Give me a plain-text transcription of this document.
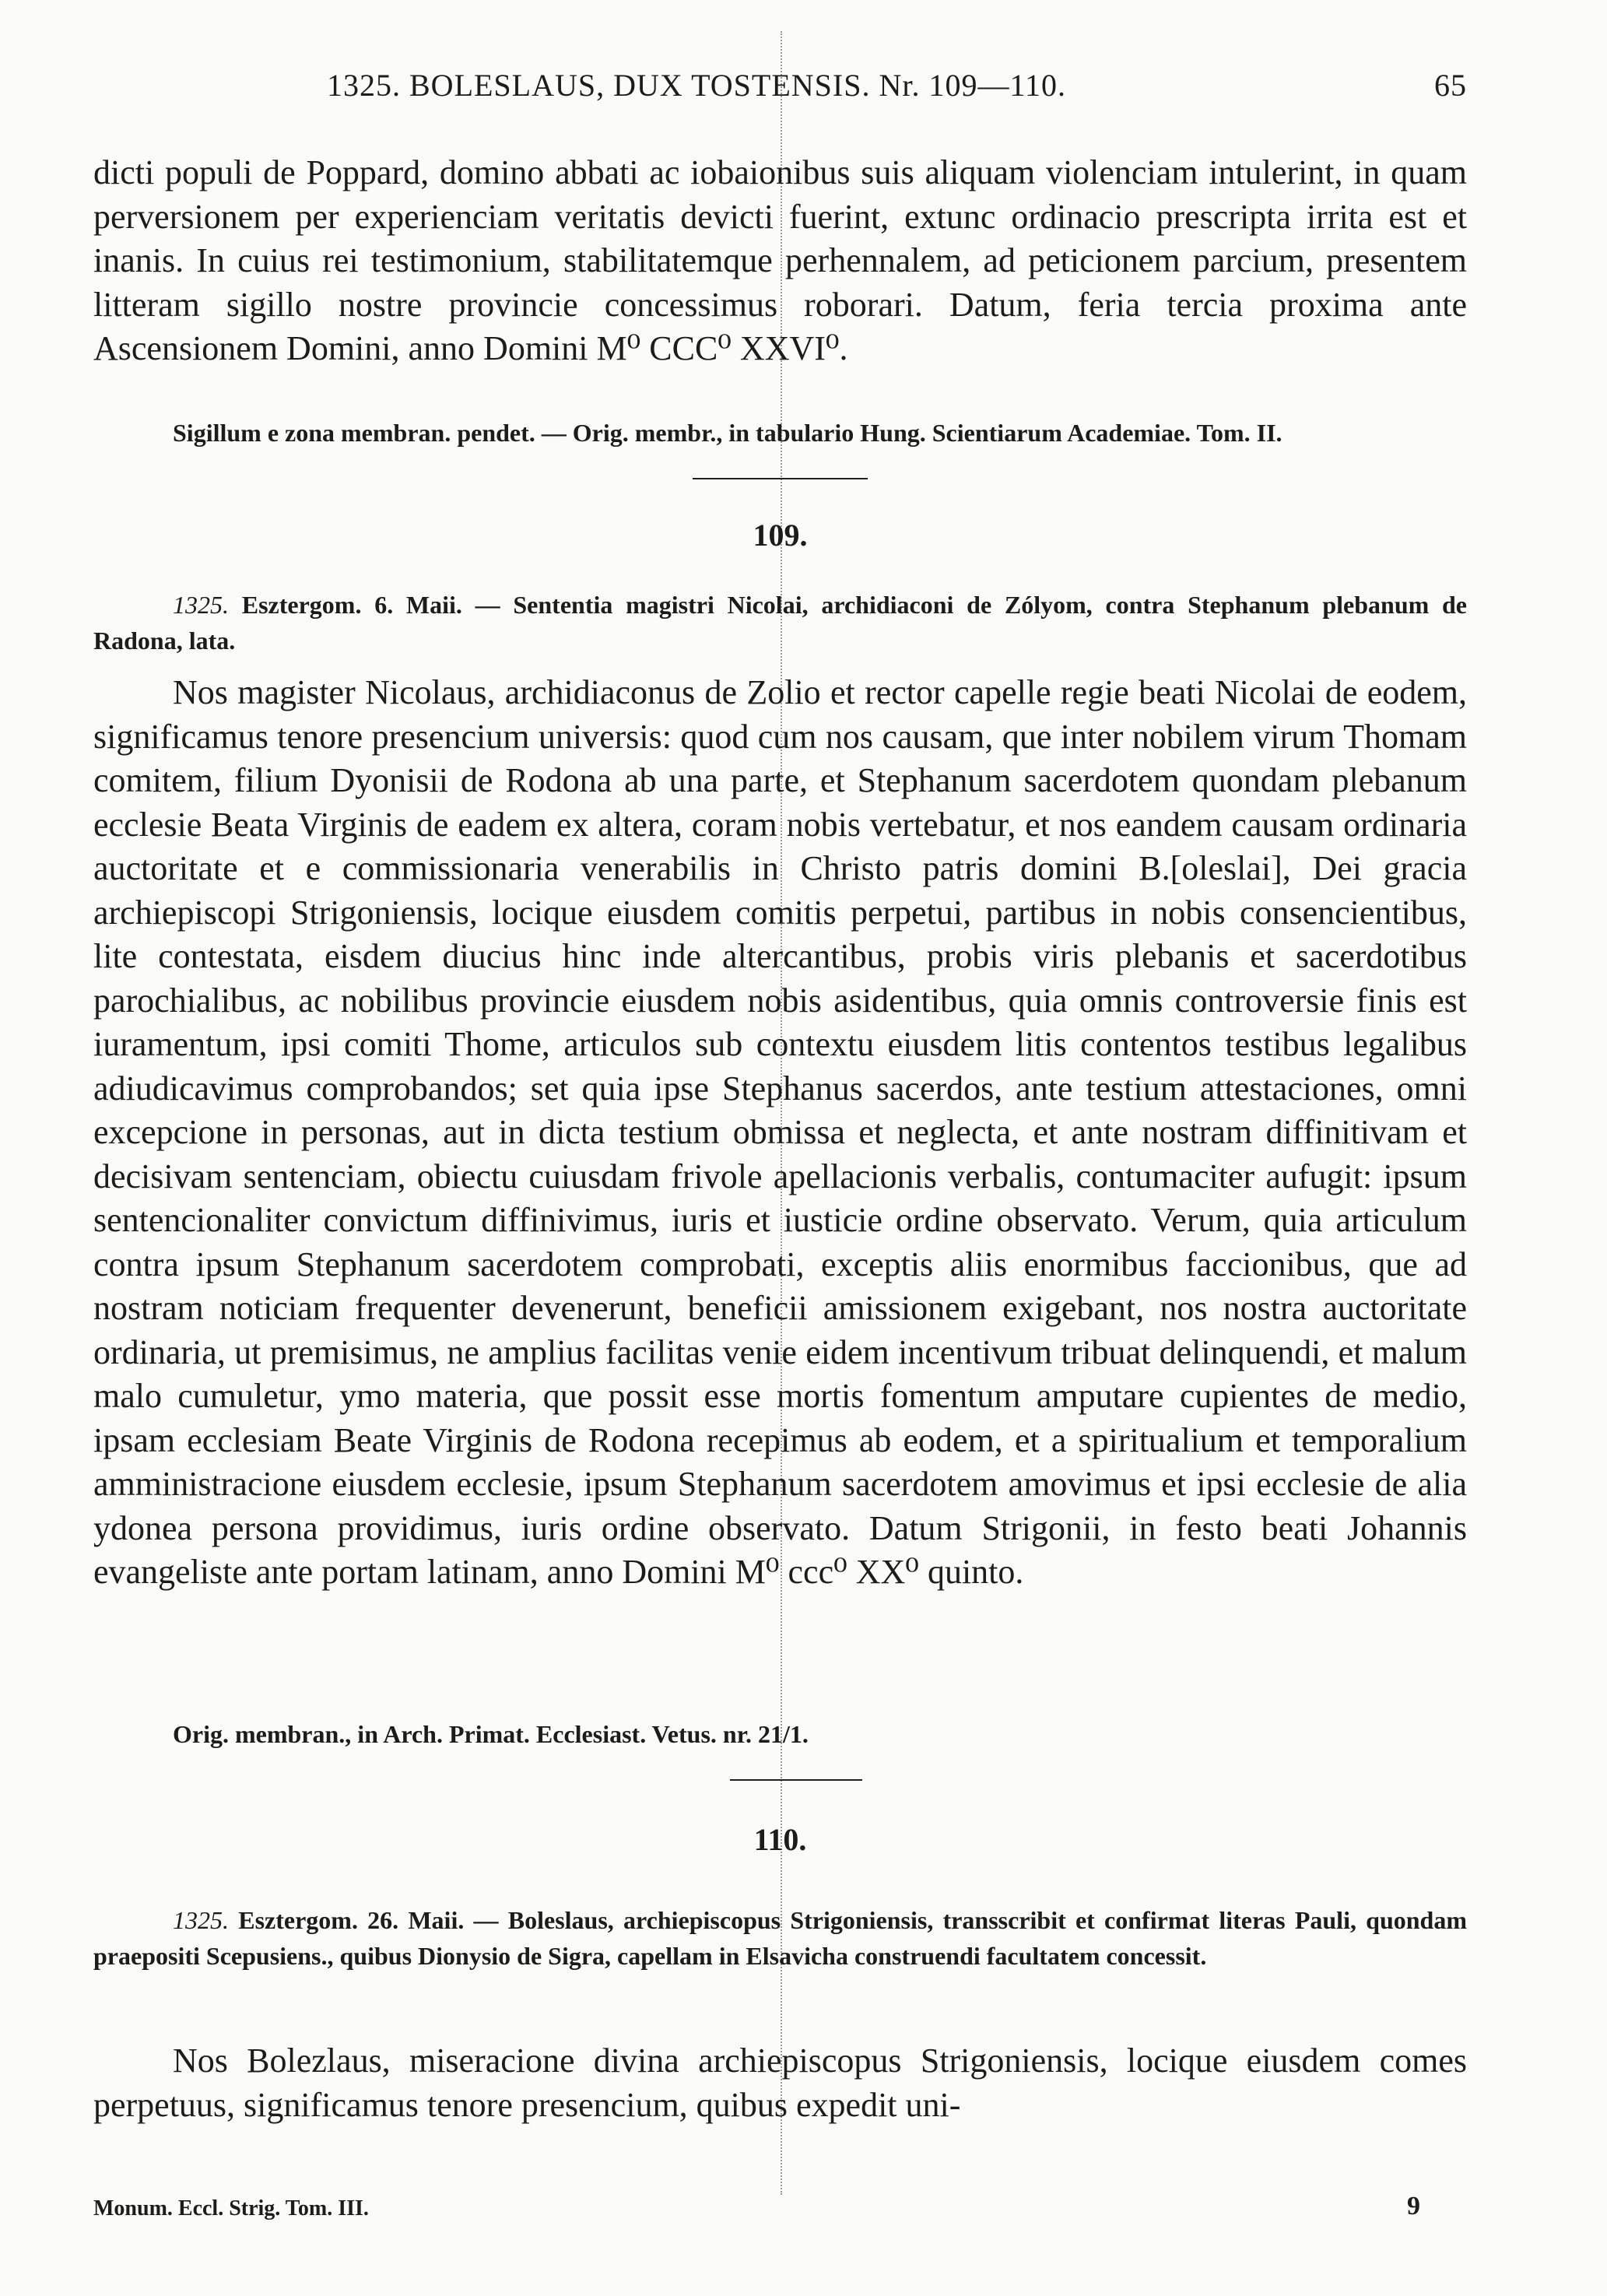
1325. BOLESLAUS, DUX TOSTENSIS. Nr. 109—110.	65
dicti populi de Poppard, domino abbati ac iobaionibus suis aliquam violenciam intulerint, in quam perversionem per experienciam veritatis devicti fuerint, extunc ordinacio prescripta irrita est et inanis. In cuius rei testimonium, stabilitatemque perhennalem, ad peticionem parcium, presentem litteram sigillo nostre provincie concessimus roborari. Datum, feria tercia proxima ante Ascensionem Domini, anno Domini M⁰ CCC⁰ XXVI⁰.
Sigillum e zona membran. pendet. — Orig. membr., in tabulario Hung. Scientiarum Academiae. Tom. II.
109.
1325. Esztergom. 6. Maii. — Sententia magistri Nicolai, archidiaconi de Zólyom, contra Stephanum plebanum de Radona, lata.
Nos magister Nicolaus, archidiaconus de Zolio et rector capelle regie beati Nicolai de eodem, significamus tenore presencium universis: quod cum nos causam, que inter nobilem virum Thomam comitem, filium Dyonisii de Rodona ab una parte, et Stephanum sacerdotem quondam plebanum ecclesie Beata Virginis de eadem ex altera, coram nobis vertebatur, et nos eandem causam ordinaria auctoritate et e commissionaria venerabilis in Christo patris domini B.[oleslai], Dei gracia archiepiscopi Strigoniensis, locique eiusdem comitis perpetui, partibus in nobis consencientibus, lite contestata, eisdem diucius hinc inde altercantibus, probis viris plebanis et sacerdotibus parochialibus, ac nobilibus provincie eiusdem nobis asidentibus, quia omnis controversie finis est iuramentum, ipsi comiti Thome, articulos sub contextu eiusdem litis contentos testibus legalibus adiudicavimus comprobandos; set quia ipse Stephanus sacerdos, ante testium attestaciones, omni excepcione in personas, aut in dicta testium obmissa et neglecta, et ante nostram diffinitivam et decisivam sentenciam, obiectu cuiusdam frivole apellacionis verbalis, contumaciter aufugit: ipsum sentencionaliter convictum diffinivimus, iuris et iusticie ordine observato. Verum, quia articulum contra ipsum Stephanum sacerdotem comprobati, exceptis aliis enormibus faccionibus, que ad nostram noticiam frequenter devenerunt, beneficii amissionem exigebant, nos nostra auctoritate ordinaria, ut premisimus, ne amplius facilitas venie eidem incentivum tribuat delinquendi, et malum malo cumuletur, ymo materia, que possit esse mortis fomentum amputare cupientes de medio, ipsam ecclesiam Beate Virginis de Rodona recepimus ab eodem, et a spiritualium et temporalium amministracione eiusdem ecclesie, ipsum Stephanum sacerdotem amovimus et ipsi ecclesie de alia ydonea persona providimus, iuris ordine observato. Datum Strigonii, in festo beati Johannis evangeliste ante portam latinam, anno Domini M⁰ ccc⁰ XX⁰ quinto.
Orig. membran., in Arch. Primat. Ecclesiast. Vetus. nr. 21/1.
110.
1325. Esztergom. 26. Maii. — Boleslaus, archiepiscopus Strigoniensis, transscribit et confirmat literas Pauli, quondam praepositi Scepusiens., quibus Dionysio de Sigra, capellam in Elsavicha construendi facultatem concessit.
Nos Bolezlaus, miseracione divina archiepiscopus Strigoniensis, locique eiusdem comes perpetuus, significamus tenore presencium, quibus expedit uni-
Monum. Eccl. Strig. Tom. III.	9
